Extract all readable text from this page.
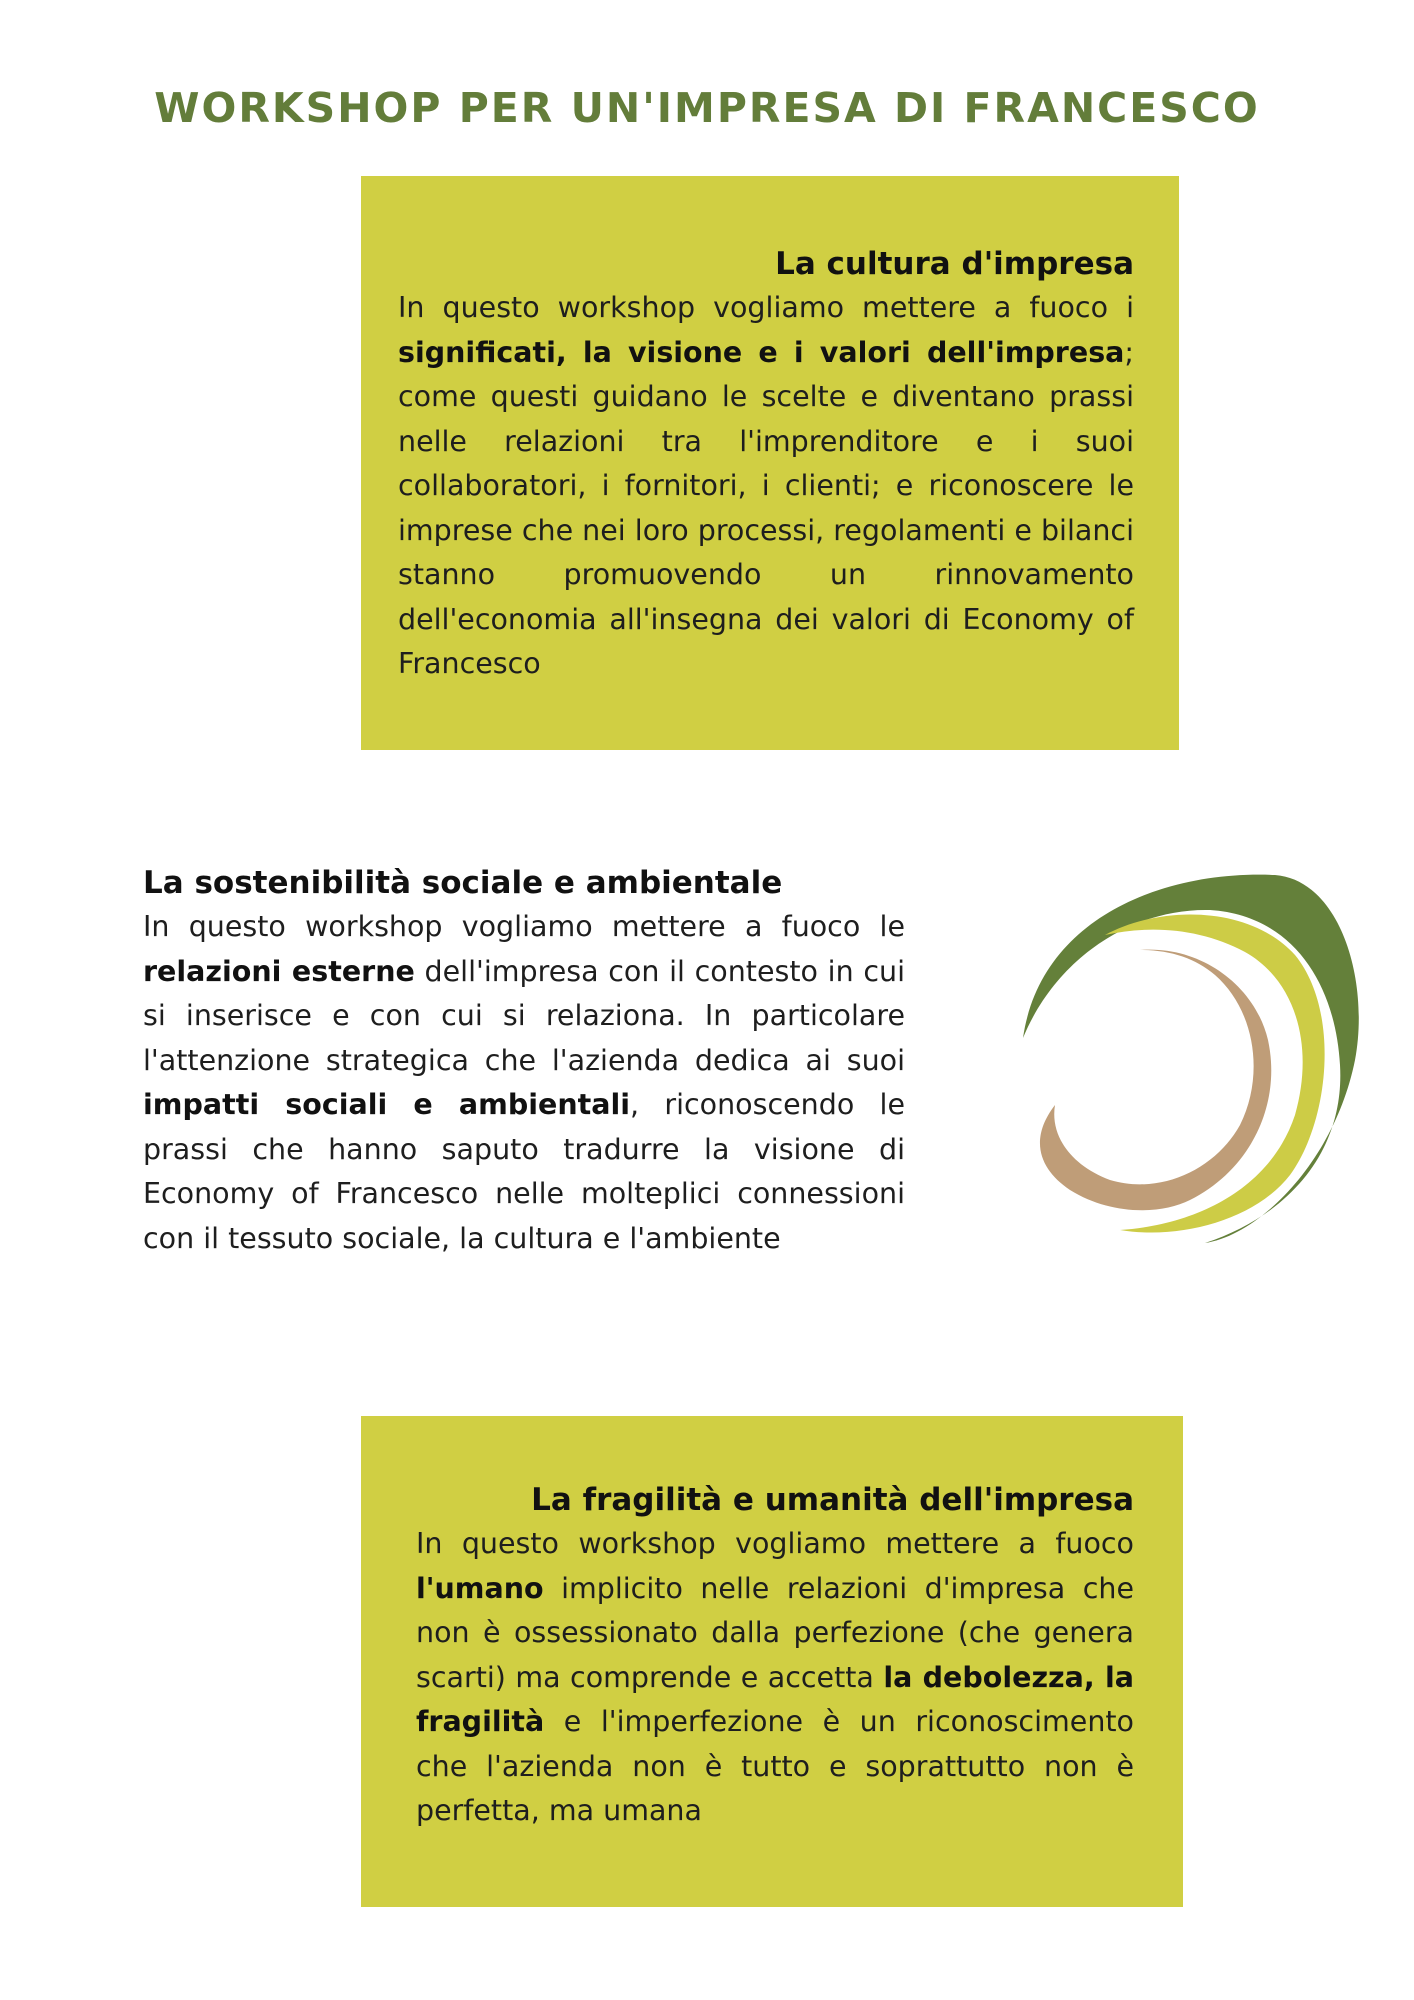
WORKSHOP PER UN'IMPRESA DI FRANCESCO
La cultura d'impresa

In questo workshop vogliamo mettere a fuoco i significati, la visione e i valori dell'impresa; come questi guidano le scelte e diventano prassi nelle relazioni tra l'imprenditore e i suoi collaboratori, i fornitori, i clienti; e riconoscere le imprese che nei loro processi, regolamenti e bilanci stanno promuovendo un rinnovamento dell'economia all'insegna dei valori di Economy of Francesco

La sostenibilità sociale e ambientale

In questo workshop vogliamo mettere a fuoco le relazioni esterne dell'impresa con il contesto in cui si inserisce e con cui si relaziona. In particolare l'attenzione strategica che l'azienda dedica ai suoi impatti sociali e ambientali, riconoscendo le prassi che hanno saputo tradurre la visione di Economy of Francesco nelle molteplici connessioni con il tessuto sociale, la cultura e l'ambiente

La fragilità e umanità dell'impresa

In questo workshop vogliamo mettere a fuoco l'umano implicito nelle relazioni d'impresa che non è ossessionato dalla perfezione (che genera scarti) ma comprende e accetta la debolezza, la fragilità e l'imperfezione è un riconoscimento che l'azienda non è tutto e soprattutto non è perfetta, ma umana
